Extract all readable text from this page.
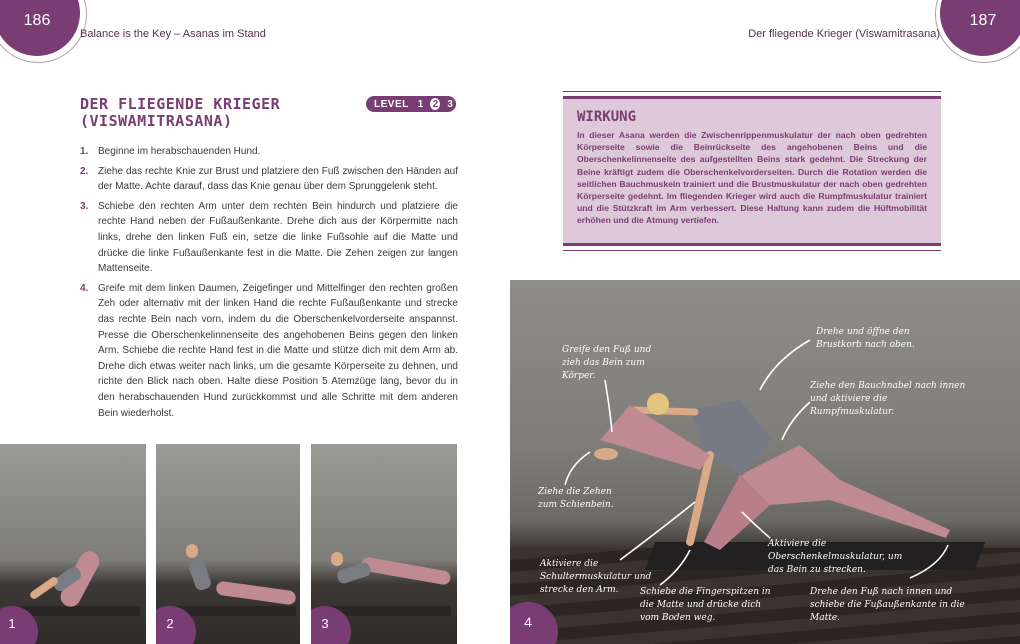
186	187
Balance is the Key – Asanas im Stand	Der fliegende Krieger (Viswamitrasana)
DER FLIEGENDE KRIEGER
(VISWAMITRASANA)
LEVEL 1 2 3
1. Beginne im herabschauenden Hund.
2. Ziehe das rechte Knie zur Brust und platziere den Fuß zwischen den Händen auf der Matte. Achte darauf, dass das Knie genau über dem Sprunggelenk steht.
3. Schiebe den rechten Arm unter dem rechten Bein hindurch und platziere die rechte Hand neben der Fußaußenkante. Drehe dich aus der Körpermitte nach links, drehe den linken Fuß ein, setze die linke Fußsohle auf die Matte und drücke die linke Fußaußenkante fest in die Matte. Die Zehen zeigen zur langen Mattenseite.
4. Greife mit dem linken Daumen, Zeigefinger und Mittelfinger den rechten großen Zeh oder alternativ mit der linken Hand die rechte Fußaußenkante und strecke das rechte Bein nach vorn, indem du die Oberschenkelvorderseite anspannst. Presse die Oberschenkelinnenseite des angehobenen Beins gegen den linken Arm. Schiebe die rechte Hand fest in die Matte und stütze dich mit dem Arm ab. Drehe dich etwas weiter nach links, um die gesamte Körperseite zu dehnen, und richte den Blick nach oben. Halte diese Position 5 Atemzüge lang, bevor du in den herabschauenden Hund zurückkommst und alle Schritte mit dem anderen Bein wiederholst.
1	2	3
WIRKUNG

In dieser Asana werden die Zwischenrippenmuskulatur der nach oben gedrehten Körperseite sowie die Beinrückseite des angehobenen Beins und die Oberschenkelinnenseite des aufgestellten Beins stark gedehnt. Die Streckung der Beine kräftigt zudem die Oberschenkelvorderseiten. Durch die Rotation werden die seitlichen Bauchmuskeln trainiert und die Brustmuskulatur der nach oben gedrehten Körperseite gedehnt. Im fliegenden Krieger wird auch die Rumpfmuskulatur trainiert und die Stützkraft im Arm verbessert. Diese Haltung kann zudem die Hüftmobilität erhöhen und die Atmung vertiefen.

Greife den Fuß und zieh das Bein zum Körper.
Drehe und öffne den Brustkorb nach oben.
Ziehe den Bauchnabel nach innen und aktiviere die Rumpfmuskulatur.
Ziehe die Zehen zum Schienbein.
Aktiviere die Oberschenkelmuskulatur, um das Bein zu strecken.
Aktiviere die Schultermuskulatur und strecke den Arm.	Schiebe die Fingerspitzen in die Matte und drücke dich vom Boden weg.
Drehe den Fuß nach innen und schiebe die Fußaußenkante in die Matte.
4
